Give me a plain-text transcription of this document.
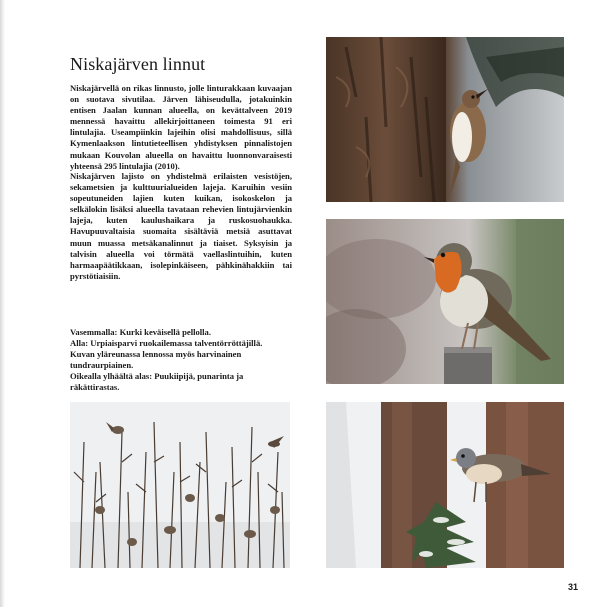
Niskajärven linnut

Niskajärvellä on rikas linnusto, jolle linturakkaan kuvaajan on suotava sivutilaa. Järven lähiseudulla, jotakuinkin entisen Jaalan kunnan alueella, on kevättalveen 2019 mennessä havaittu allekirjoittaneen toimesta 91 eri lintulajia. Useampiinkin lajeihin olisi mahdollisuus, sillä Kymenlaakson lintutieteellisen yhdistyksen pinnalistojen mukaan Kouvolan alueella on havaittu luonnonvaraisesti yhteensä 295 lintulajia (2010).

Niskajärven lajisto on yhdistelmä erilaisten vesistöjen, sekametsien ja kulttuurialueiden lajeja. Karuihin vesiin sopeutuneiden lajien kuten kuikan, isokoskelon ja selkälokin lisäksi alueella tavataan rehevien lintujärvienkin lajeja, kuten kaulushaikara ja ruskosuohaukka. Havupuuvaltaisia suomaita sisältäviä metsiä asuttavat muun muassa metsäkanalinnut ja tiaiset. Syksyisin ja talvisin alueella voi törmätä vaellaslintuihin, kuten harmaapäätikkaan, isolepinkäiseen, pähkinähakkiin tai pyrstötiaisiin.

Vasemmalla: Kurki keväisellä pellolla.
Alla: Urpiaisparvi ruokailemassa talventörröttäjillä.
Kuvan yläreunassa lennossa myös harvinainen
tundraurpiainen.
Oikealla ylhäältä alas: Puukiipijä, punarinta ja
räkättirastas.
31
